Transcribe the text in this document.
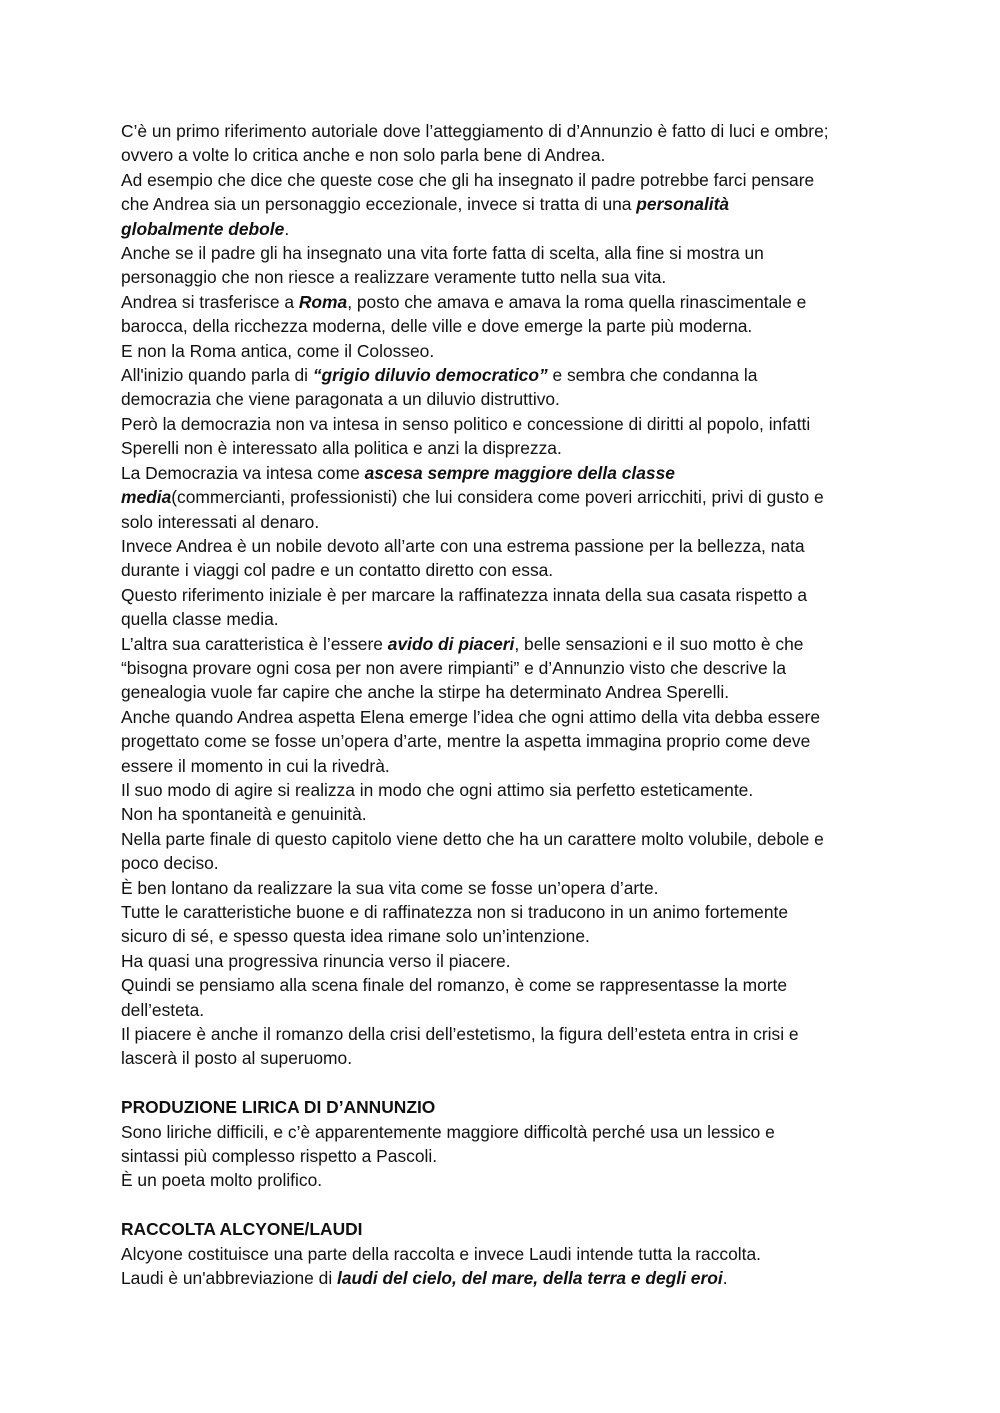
C’è un primo riferimento autoriale dove l’atteggiamento di d’Annunzio è fatto di luci e ombre;

ovvero a volte lo critica anche e non solo parla bene di Andrea.

Ad esempio che dice che queste cose che gli ha insegnato il padre potrebbe farci pensare

che Andrea sia un personaggio eccezionale, invece si tratta di una personalità

globalmente debole.

Anche se il padre gli ha insegnato una vita forte fatta di scelta, alla fine si mostra un

personaggio che non riesce a realizzare veramente tutto nella sua vita.

Andrea si trasferisce a Roma, posto che amava e amava la roma quella rinascimentale e

barocca, della ricchezza moderna, delle ville e dove emerge la parte più moderna.

E non la Roma antica, come il Colosseo.

All'inizio quando parla di “grigio diluvio democratico” e sembra che condanna la

democrazia che viene paragonata a un diluvio distruttivo.

Però la democrazia non va intesa in senso politico e concessione di diritti al popolo, infatti

Sperelli non è interessato alla politica e anzi la disprezza.

La Democrazia va intesa come ascesa sempre maggiore della classe

media(commercianti, professionisti) che lui considera come poveri arricchiti, privi di gusto e

solo interessati al denaro.

Invece Andrea è un nobile devoto all’arte con una estrema passione per la bellezza, nata

durante i viaggi col padre e un contatto diretto con essa.

Questo riferimento iniziale è per marcare la raffinatezza innata della sua casata rispetto a

quella classe media.

L’altra sua caratteristica è l’essere avido di piaceri, belle sensazioni e il suo motto è che

“bisogna provare ogni cosa per non avere rimpianti” e d’Annunzio visto che descrive la

genealogia vuole far capire che anche la stirpe ha determinato Andrea Sperelli.

Anche quando Andrea aspetta Elena emerge l’idea che ogni attimo della vita debba essere

progettato come se fosse un’opera d’arte, mentre la aspetta immagina proprio come deve

essere il momento in cui la rivedrà.

Il suo modo di agire si realizza in modo che ogni attimo sia perfetto esteticamente.

Non ha spontaneità e genuinità.

Nella parte finale di questo capitolo viene detto che ha un carattere molto volubile, debole e

poco deciso.

È ben lontano da realizzare la sua vita come se fosse un’opera d’arte.

Tutte le caratteristiche buone e di raffinatezza non si traducono in un animo fortemente

sicuro di sé, e spesso questa idea rimane solo un’intenzione.

Ha quasi una progressiva rinuncia verso il piacere.

Quindi se pensiamo alla scena finale del romanzo, è come se rappresentasse la morte

dell’esteta.

Il piacere è anche il romanzo della crisi dell’estetismo, la figura dell’esteta entra in crisi e

lascerà il posto al superuomo.

PRODUZIONE LIRICA DI D’ANNUNZIO

Sono liriche difficili, e c’è apparentemente maggiore difficoltà perché usa un lessico e

sintassi più complesso rispetto a Pascoli.

È un poeta molto prolifico.

RACCOLTA ALCYONE/LAUDI

Alcyone costituisce una parte della raccolta e invece Laudi intende tutta la raccolta.

Laudi è un'abbreviazione di laudi del cielo, del mare, della terra e degli eroi.
